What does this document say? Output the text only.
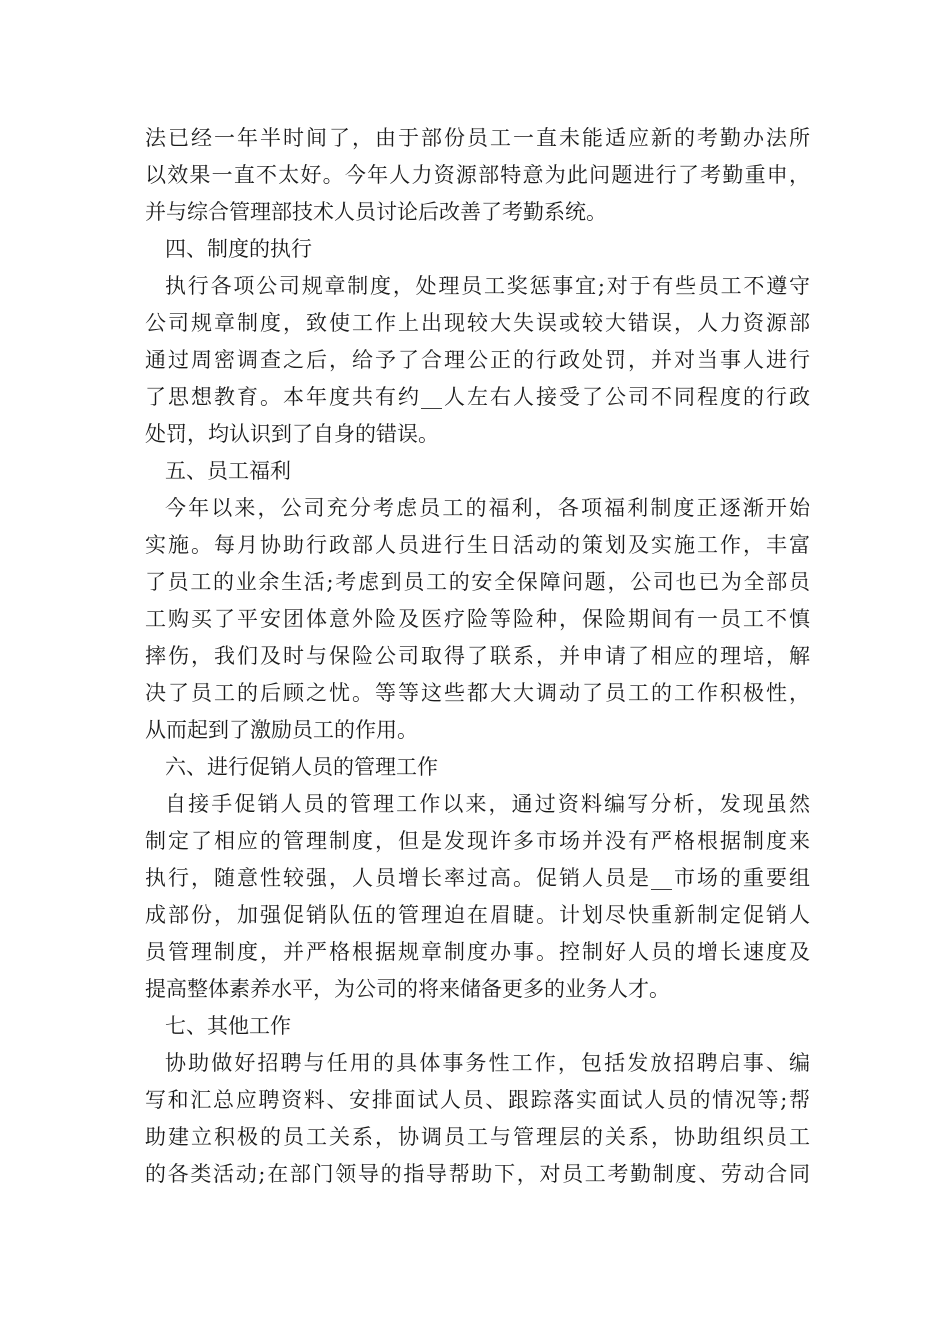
法已经一年半时间了，由于部份员工一直未能适应新的考勤办法所
以效果一直不太好。今年人力资源部特意为此问题进行了考勤重申，
并与综合管理部技术人员讨论后改善了考勤系统。
四、制度的执行
执行各项公司规章制度，处理员工奖惩事宜;对于有些员工不遵守
公司规章制度，致使工作上出现较大失误或较大错误，人力资源部
通过周密调查之后，给予了合理公正的行政处罚，并对当事人进行
了思想教育。本年度共有约__人左右人接受了公司不同程度的行政
处罚，均认识到了自身的错误。
五、员工福利
今年以来，公司充分考虑员工的福利，各项福利制度正逐渐开始
实施。每月协助行政部人员进行生日活动的策划及实施工作，丰富
了员工的业余生活;考虑到员工的安全保障问题，公司也已为全部员
工购买了平安团体意外险及医疗险等险种，保险期间有一员工不慎
摔伤，我们及时与保险公司取得了联系，并申请了相应的理培，解
决了员工的后顾之忧。等等这些都大大调动了员工的工作积极性，
从而起到了激励员工的作用。
六、进行促销人员的管理工作
自接手促销人员的管理工作以来，通过资料编写分析，发现虽然
制定了相应的管理制度，但是发现许多市场并没有严格根据制度来
执行，随意性较强，人员增长率过高。促销人员是__市场的重要组
成部份，加强促销队伍的管理迫在眉睫。计划尽快重新制定促销人
员管理制度，并严格根据规章制度办事。控制好人员的增长速度及
提高整体素养水平，为公司的将来储备更多的业务人才。
七、其他工作
协助做好招聘与任用的具体事务性工作，包括发放招聘启事、编
写和汇总应聘资料、安排面试人员、跟踪落实面试人员的情况等;帮
助建立积极的员工关系，协调员工与管理层的关系，协助组织员工
的各类活动;在部门领导的指导帮助下，对员工考勤制度、劳动合同
